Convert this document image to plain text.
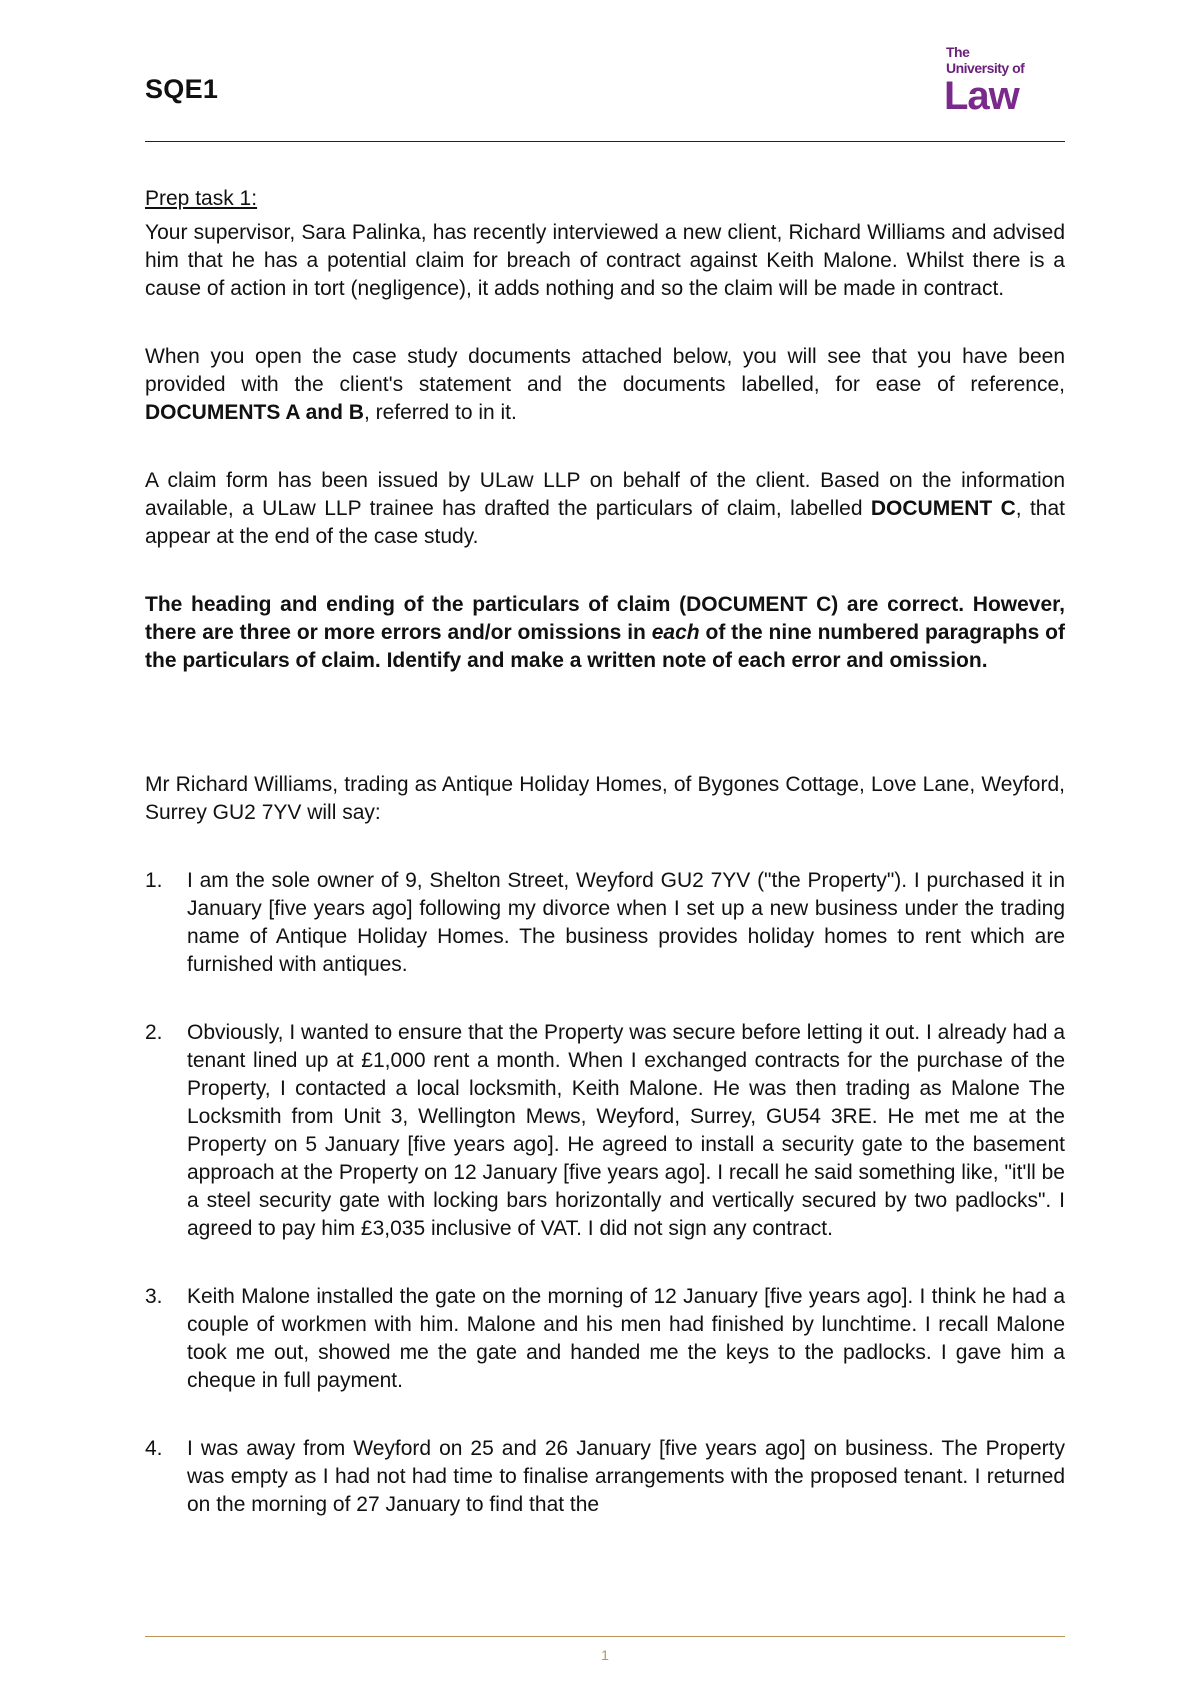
SQE1
The
University of
Law

Prep task 1:

Your supervisor, Sara Palinka, has recently interviewed a new client, Richard Williams and advised him that he has a potential claim for breach of contract against Keith Malone. Whilst there is a cause of action in tort (negligence), it adds nothing and so the claim will be made in contract.

When you open the case study documents attached below, you will see that you have been provided with the client's statement and the documents labelled, for ease of reference, DOCUMENTS A and B, referred to in it.

A claim form has been issued by ULaw LLP on behalf of the client. Based on the information available, a ULaw LLP trainee has drafted the particulars of claim, labelled DOCUMENT C, that appear at the end of the case study.

The heading and ending of the particulars of claim (DOCUMENT C) are correct. However, there are three or more errors and/or omissions in each of the nine numbered paragraphs of the particulars of claim. Identify and make a written note of each error and omission.

Mr Richard Williams, trading as Antique Holiday Homes, of Bygones Cottage, Love Lane, Weyford, Surrey GU2 7YV will say:

1. I am the sole owner of 9, Shelton Street, Weyford GU2 7YV ("the Property"). I purchased it in January [five years ago] following my divorce when I set up a new business under the trading name of Antique Holiday Homes. The business provides holiday homes to rent which are furnished with antiques.
2. Obviously, I wanted to ensure that the Property was secure before letting it out. I already had a tenant lined up at £1,000 rent a month. When I exchanged contracts for the purchase of the Property, I contacted a local locksmith, Keith Malone. He was then trading as Malone The Locksmith from Unit 3, Wellington Mews, Weyford, Surrey, GU54 3RE. He met me at the Property on 5 January [five years ago]. He agreed to install a security gate to the basement approach at the Property on 12 January [five years ago]. I recall he said something like, "it'll be a steel security gate with locking bars horizontally and vertically secured by two padlocks". I agreed to pay him £3,035 inclusive of VAT. I did not sign any contract.
3. Keith Malone installed the gate on the morning of 12 January [five years ago]. I think he had a couple of workmen with him. Malone and his men had finished by lunchtime. I recall Malone took me out, showed me the gate and handed me the keys to the padlocks. I gave him a cheque in full payment.
4. I was away from Weyford on 25 and 26 January [five years ago] on business. The Property was empty as I had not had time to finalise arrangements with the proposed tenant. I returned on the morning of 27 January to find that the
1
